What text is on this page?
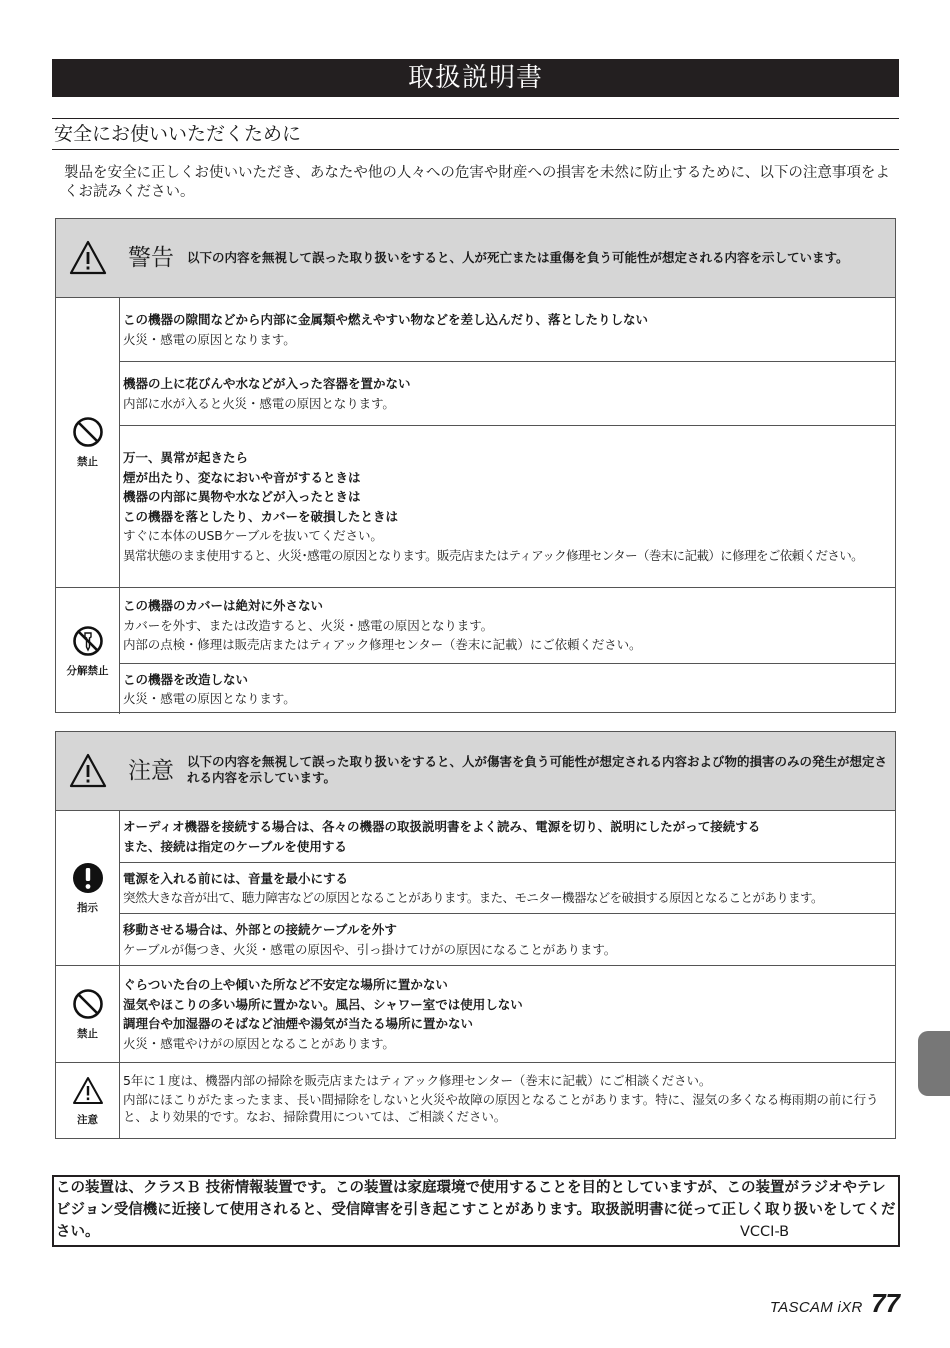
取扱説明書
安全にお使いいただくために
製品を安全に正しくお使いいただき、あなたや他の人々への危害や財産への損害を未然に防止するために、以下の注意事項をよくお読みください。
警告 以下の内容を無視して誤った取り扱いをすると、人が死亡または重傷を負う可能性が想定される内容を示しています。
禁止
この機器の隙間などから内部に金属類や燃えやすい物などを差し込んだり、落としたりしない
火災・感電の原因となります。
機器の上に花びんや水などが入った容器を置かない
内部に水が入ると火災・感電の原因となります。
万一、異常が起きたら
煙が出たり、変なにおいや音がするときは
機器の内部に異物や水などが入ったときは
この機器を落としたり、カバーを破損したときは
すぐに本体のUSBケーブルを抜いてください。
異常状態のまま使用すると、火災･感電の原因となります。販売店またはティアック修理センター（巻末に記載）に修理をご依頼ください。
分解禁止
この機器のカバーは絶対に外さない
カバーを外す、または改造すると、火災・感電の原因となります。
内部の点検・修理は販売店またはティアック修理センター（巻末に記載）にご依頼ください。
この機器を改造しない
火災・感電の原因となります。
注意 以下の内容を無視して誤った取り扱いをすると、人が傷害を負う可能性が想定される内容および物的損害のみの発生が想定される内容を示しています。
指示
オーディオ機器を接続する場合は、各々の機器の取扱説明書をよく読み、電源を切り、説明にしたがって接続する
また、接続は指定のケーブルを使用する
電源を入れる前には、音量を最小にする
突然大きな音が出て、聴力障害などの原因となることがあります。また、モニター機器などを破損する原因となることがあります。
移動させる場合は、外部との接続ケーブルを外す
ケーブルが傷つき、火災・感電の原因や、引っ掛けてけがの原因になることがあります。
禁止
ぐらついた台の上や傾いた所など不安定な場所に置かない
湿気やほこりの多い場所に置かない。風呂、シャワー室では使用しない
調理台や加湿器のそばなど油煙や湯気が当たる場所に置かない
火災・感電やけがの原因となることがあります。
注意
5年に１度は、機器内部の掃除を販売店またはティアック修理センター（巻末に記載）にご相談ください。
内部にほこりがたまったまま、長い間掃除をしないと火災や故障の原因となることがあります。特に、湿気の多くなる梅雨期の前に行うと、より効果的です。なお、掃除費用については、ご相談ください。
この装置は、クラスＢ 技術情報装置です。この装置は家庭環境で使用することを目的としていますが、この装置がラジオやテレビジョン受信機に近接して使用されると、受信障害を引き起こすことがあります。取扱説明書に従って正しく取り扱いをしてください。	VCCI-B
TASCAM iXR 77
